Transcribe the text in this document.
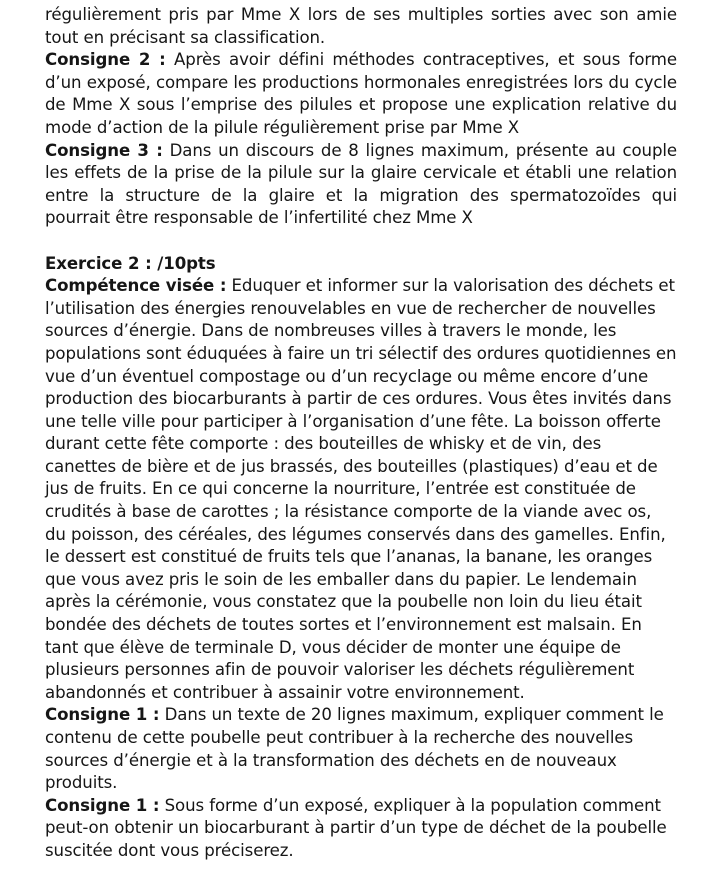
régulièrement pris par Mme X lors de ses multiples sorties avec son amie tout en précisant sa classification.

Consigne 2 : Après avoir défini méthodes contraceptives, et sous forme d’un exposé, compare les productions hormonales enregistrées lors du cycle de Mme X sous l’emprise des pilules et propose une explication relative du mode d’action de la pilule régulièrement prise par Mme X

Consigne 3 : Dans un discours de 8 lignes maximum, présente au couple les effets de la prise de la pilule sur la glaire cervicale et établi une relation entre la structure de la glaire et la migration des spermatozoïdes qui pourrait être responsable de l’infertilité chez Mme X

Exercice 2 : /10pts

Compétence visée : Eduquer et informer sur la valorisation des déchets et l’utilisation des énergies renouvelables en vue de rechercher de nouvelles sources d’énergie. Dans de nombreuses villes à travers le monde, les populations sont éduquées à faire un tri sélectif des ordures quotidiennes en vue d’un éventuel compostage ou d’un recyclage ou même encore d’une production des biocarburants à partir de ces ordures. Vous êtes invités dans une telle ville pour participer à l’organisation d’une fête. La boisson offerte durant cette fête comporte : des bouteilles de whisky et de vin, des canettes de bière et de jus brassés, des bouteilles (plastiques) d’eau et de jus de fruits. En ce qui concerne la nourriture, l’entrée est constituée de crudités à base de carottes ; la résistance comporte de la viande avec os, du poisson, des céréales, des légumes conservés dans des gamelles. Enfin, le dessert est constitué de fruits tels que l’ananas, la banane, les oranges que vous avez pris le soin de les emballer dans du papier. Le lendemain après la cérémonie, vous constatez que la poubelle non loin du lieu était bondée des déchets de toutes sortes et l’environnement est malsain. En tant que élève de terminale D, vous décider de monter une équipe de plusieurs personnes afin de pouvoir valoriser les déchets régulièrement abandonnés et contribuer à assainir votre environnement.

Consigne 1 : Dans un texte de 20 lignes maximum, expliquer comment le contenu de cette poubelle peut contribuer à la recherche des nouvelles sources d’énergie et à la transformation des déchets en de nouveaux produits.

Consigne 1 : Sous forme d’un exposé, expliquer à la population comment peut-on obtenir un biocarburant à partir d’un type de déchet de la poubelle suscitée dont vous préciserez.
